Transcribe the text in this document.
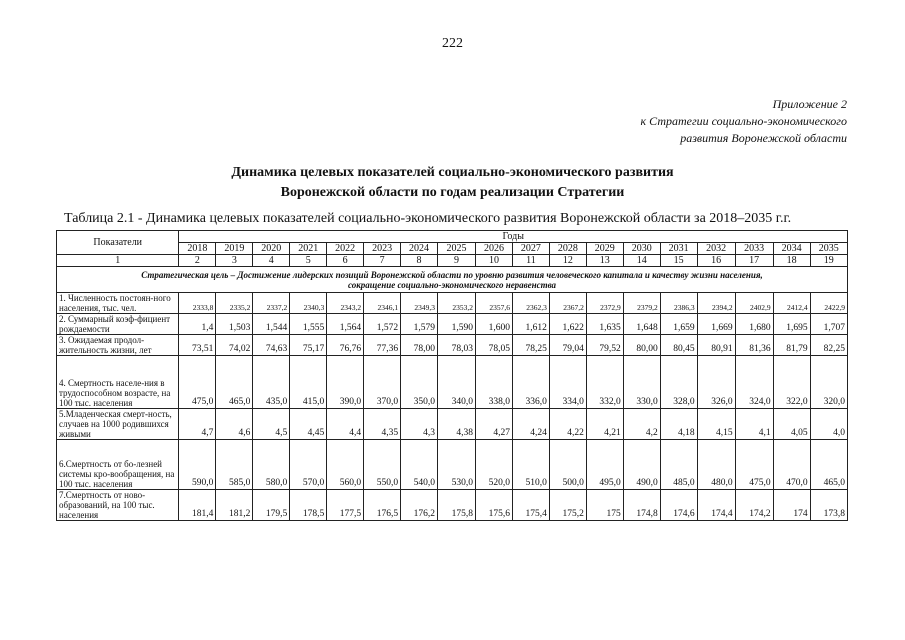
222
Приложение 2
к Стратегии социально-экономического
развития Воронежской области
Динамика целевых показателей социально-экономического развития
Воронежской области по годам реализации Стратегии
Таблица 2.1 - Динамика целевых показателей социально-экономического развития Воронежской области за 2018–2035 г.г.
Показатели	Годы																	
	2018	2019	2020	2021	2022	2023	2024	2025	2026	2027	2028	2029	2030	2031	2032	2033	2034	2035
1	2	3	4	5	6	7	8	9	10	11	12	13	14	15	16	17	18	19

Стратегическая цель – Достижение лидерских позиций Воронежской области по уровню развития человеческого капитала и качеству жизни населения,
сокращение социально-экономического неравенства																		

1. Численность постоян-ного населения, тыс. чел.	2333,8	2335,2	2337,2	2340,3	2343,2	2346,1	2349,3	2353,2	2357,6	2362,3	2367,2	2372,9	2379,2	2386,3	2394,2	2402,9	2412,4	2422,9
2. Суммарный коэф-фициент рождаемости	1,4	1,503	1,544	1,555	1,564	1,572	1,579	1,590	1,600	1,612	1,622	1,635	1,648	1,659	1,669	1,680	1,695	1,707
3. Ожидаемая продол-жительность жизни, лет	73,51	74,02	74,63	75,17	76,76	77,36	78,00	78,03	78,05	78,25	79,04	79,52	80,00	80,45	80,91	81,36	81,79	82,25
4. Смертность населе-ния в трудоспособном возрасте, на 100 тыс. населения	475,0	465,0	435,0	415,0	390,0	370,0	350,0	340,0	338,0	336,0	334,0	332,0	330,0	328,0	326,0	324,0	322,0	320,0
5.Младенческая смерт-ность, случаев на 1000 родившихся живыми	4,7	4,6	4,5	4,45	4,4	4,35	4,3	4,38	4,27	4,24	4,22	4,21	4,2	4,18	4,15	4,1	4,05	4,0
6.Смертность от бо-лезней системы кро-вообращения, на 100 тыс. населения	590,0	585,0	580,0	570,0	560,0	550,0	540,0	530,0	520,0	510,0	500,0	495,0	490,0	485,0	480,0	475,0	470,0	465,0
7.Смертность от ново-образований, на 100 тыс. населения	181,4	181,2	179,5	178,5	177,5	176,5	176,2	175,8	175,6	175,4	175,2	175	174,8	174,6	174,4	174,2	174	173,8
